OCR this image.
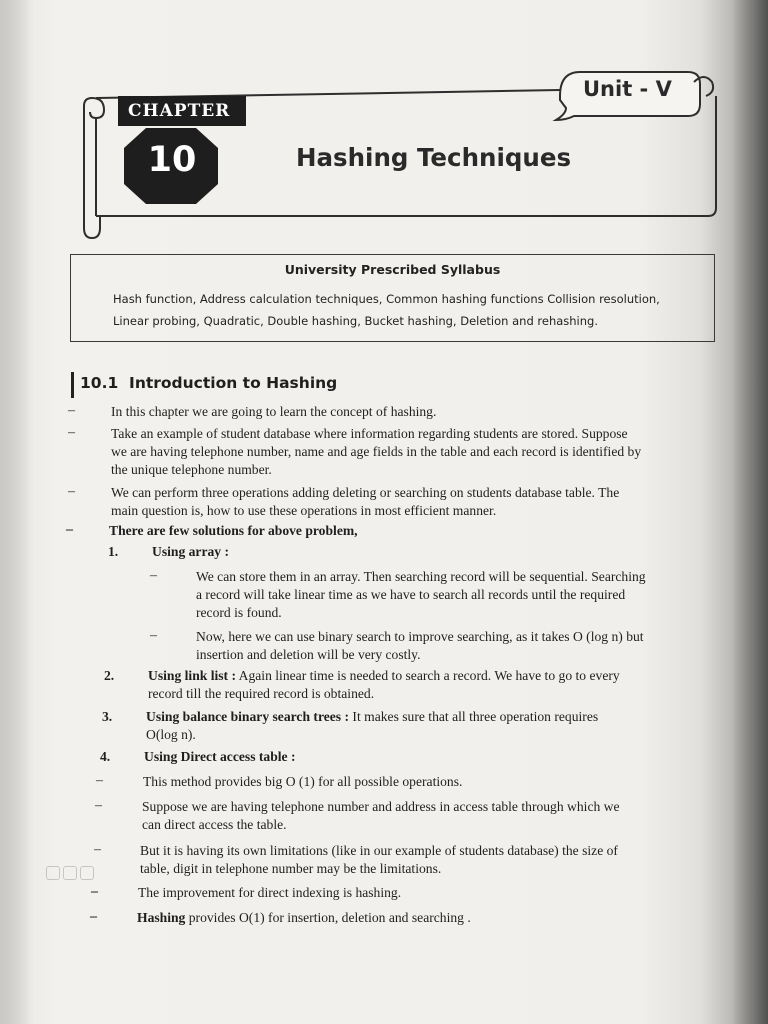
CHAPTER
10	Hashing Techniques
Unit - V
University Prescribed Syllabus
Hash function, Address calculation techniques, Common hashing functions Collision resolution,
Linear probing, Quadratic, Double hashing, Bucket hashing, Deletion and rehashing.
10.1 Introduction to Hashing
–	In this chapter we are going to learn the concept of hashing.
–	Take an example of student database where information regarding students are stored. Suppose
we are having telephone number, name and age fields in the table and each record is identified by
the unique telephone number.
–	We can perform three operations adding deleting or searching on students database table. The
main question is, how to use these operations in most efficient manner.
–	There are few solutions for above problem,
1. Using array :
–	We can store them in an array. Then searching record will be sequential. Searching
a record will take linear time as we have to search all records until the required
record is found.
–	Now, here we can use binary search to improve searching, as it takes O (log n) but
insertion and deletion will be very costly.
2. Using link list : Again linear time is needed to search a record. We have to go to every
record till the required record is obtained.
3. Using balance binary search trees : It makes sure that all three operation requires
O(log n).
4. Using Direct access table :
–	This method provides big O (1) for all possible operations.
–	Suppose we are having telephone number and address in access table through which we
can direct access the table.
–	But it is having its own limitations (like in our example of students database) the size of
table, digit in telephone number may be the limitations.
–	The improvement for direct indexing is hashing.
–	Hashing provides O(1) for insertion, deletion and searching .
